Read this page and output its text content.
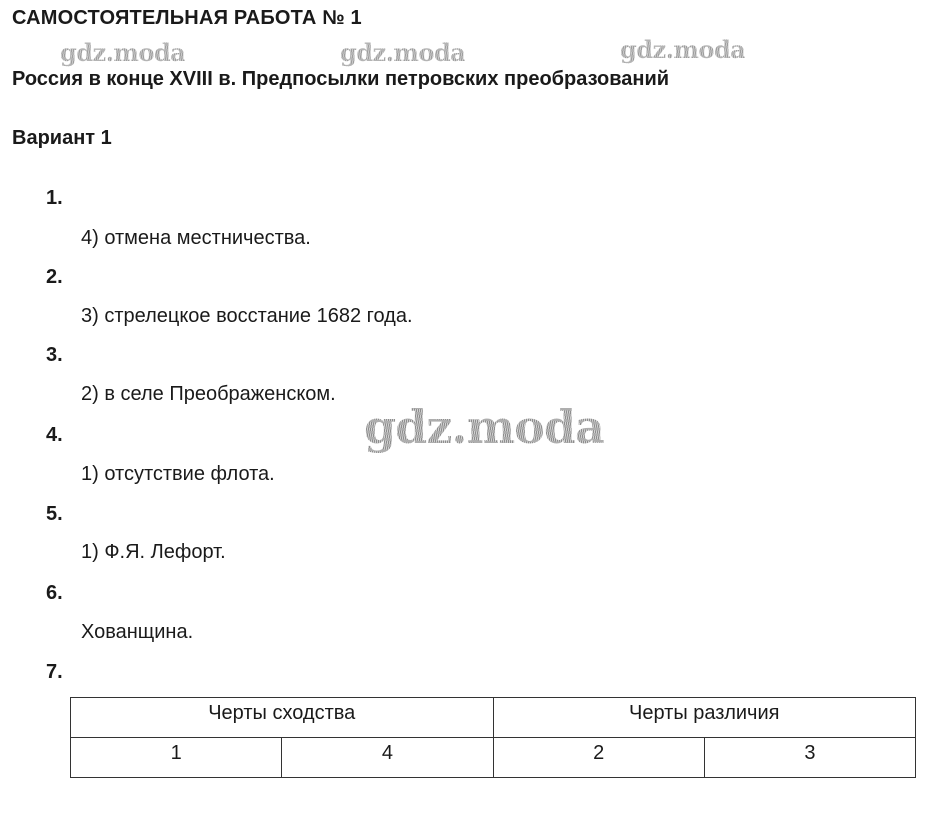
САМОСТОЯТЕЛЬНАЯ РАБОТА № 1
gdz.moda	gdz.moda	gdz.moda
Россия в конце XVIII в. Предпосылки петровских преобразований
Вариант 1
1.
4) отмена местничества.
2.
3) стрелецкое восстание 1682 года.
3.
2) в селе Преображенском.
gdz.moda
4.
1) отсутствие флота.
5.
1) Ф.Я. Лефорт.
6.
Хованщина.
7.
Черты сходства		Черты различия	
1	4	2	3
